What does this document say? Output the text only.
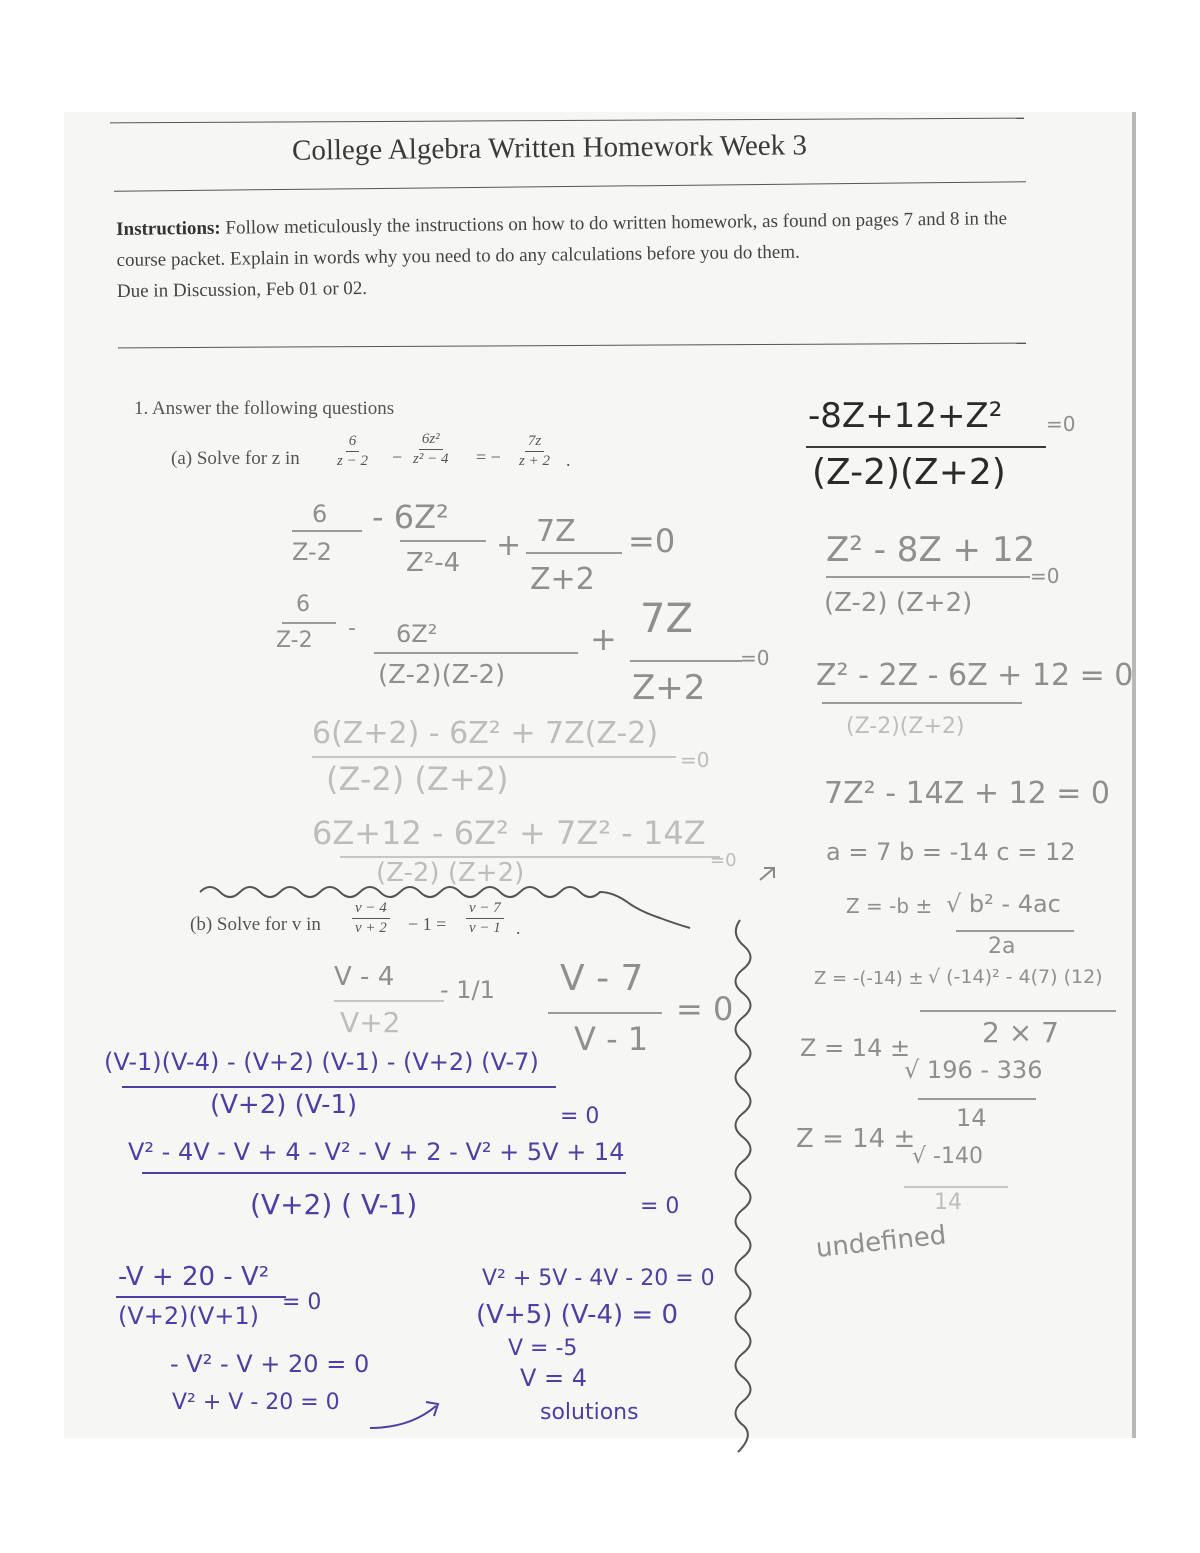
College Algebra Written Homework Week 3
Instructions: Follow meticulously the instructions on how to do written homework, as found on pages 7 and 8 in the course packet. Explain in words why you need to do any calculations before you do them.
Due in Discussion, Feb 01 or 02.
1. Answer the following questions
(a) Solve for z in $\frac{6}{z - 2} - \frac{\text{6z²}}{\text{z² − 4}}$ = − $\frac{7z}{z + 2}$ .
(b) Solve for v in $\frac{v - 4}{v + 2} - 1 = \frac{v - 7}{v - 1}$ .
6
Z-2
- 6Z²
Z²-4 + 7Z
Z+2
=0
6
Z-2 - 6Z²
(Z-2)(Z-2)
+ 7Z
Z+2
=0
6(Z+2) - 6Z² + 7Z(Z-2)
(Z-2) (Z+2)	=0
6Z+12 - 6Z² + 7Z² - 14Z
(Z-2) (Z+2)	=0
-8Z+12+Z²
(Z-2)(Z+2)
=0
Z² - 8Z + 12
(Z-2) (Z+2)
=0
Z² - 2Z - 6Z + 12 = 0
(Z-2)(Z+2)
7Z² - 14Z + 12 = 0
a = 7 b = -14 c = 12
Z = -b ± √ b² - 4ac
2a
Z = -(-14) ± √ (-14)² - 4(7) (12)
2 × 7
Z = 14 ±
√ 196 - 336
14
Z = 14 ±
√ -140
14
undefined
V - 4
V+2
- 1/1 V - 7
V - 1
= 0
(V-1)(V-4) - (V+2) (V-1) - (V+2) (V-7)
(V+2) (V-1)	= 0
V² - 4V - V + 4 - V² - V + 2 - V² + 5V + 14
(V+2) ( V-1)	= 0
-V + 20 - V²
(V+2)(V+1) = 0
- V² - V + 20 = 0
V² + V - 20 = 0
V² + 5V - 4V - 20 = 0
(V+5) (V-4) = 0
V = -5
V = 4
solutions
